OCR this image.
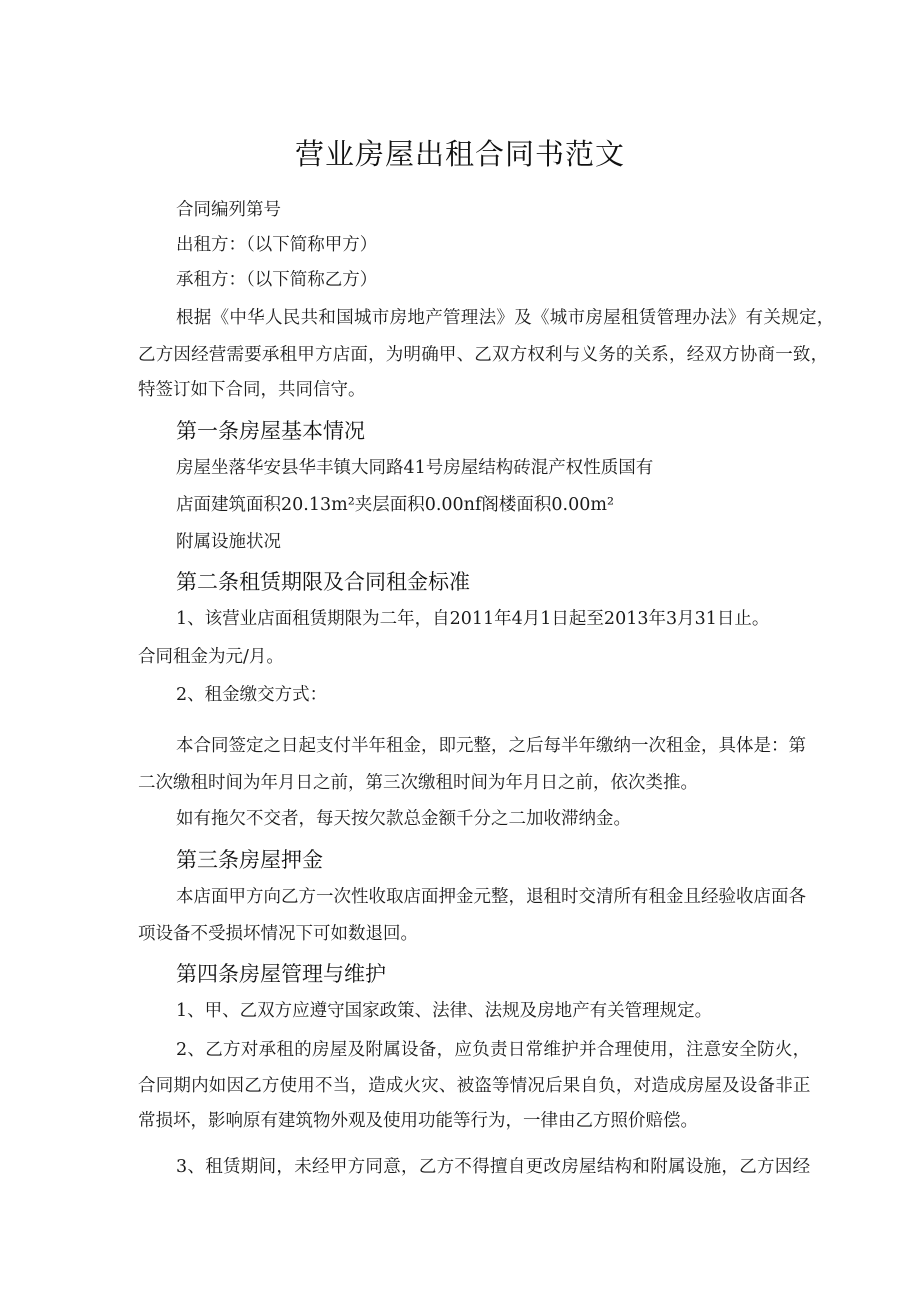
营业房屋出租合同书范文
合同编列第号
出租方：（以下简称甲方）
承租方：（以下简称乙方）
根据《中华人民共和国城市房地产管理法》及《城市房屋租赁管理办法》有关规定，
乙方因经营需要承租甲方店面，为明确甲、乙双方权利与义务的关系，经双方协商一致，
特签订如下合同，共同信守。
第一条房屋基本情况
房屋坐落华安县华丰镇大同路41号房屋结构砖混产权性质国有
店面建筑面积20.13m²夹层面积0.00nf阁楼面积0.00m²
附属设施状况
第二条租赁期限及合同租金标准
1、该营业店面租赁期限为二年，自2011年4月1日起至2013年3月31日止。
合同租金为元/月。
2、租金缴交方式：
本合同签定之日起支付半年租金，即元整，之后每半年缴纳一次租金，具体是：第
二次缴租时间为年月日之前，第三次缴租时间为年月日之前，依次类推。
如有拖欠不交者，每天按欠款总金额千分之二加收滞纳金。
第三条房屋押金
本店面甲方向乙方一次性收取店面押金元整，退租时交清所有租金且经验收店面各
项设备不受损坏情况下可如数退回。
第四条房屋管理与维护
1、甲、乙双方应遵守国家政策、法律、法规及房地产有关管理规定。
2、乙方对承租的房屋及附属设备，应负责日常维护并合理使用，注意安全防火，
合同期内如因乙方使用不当，造成火灾、被盗等情况后果自负，对造成房屋及设备非正
常损坏，影响原有建筑物外观及使用功能等行为，一律由乙方照价赔偿。
3、租赁期间，未经甲方同意，乙方不得擅自更改房屋结构和附属设施，乙方因经
